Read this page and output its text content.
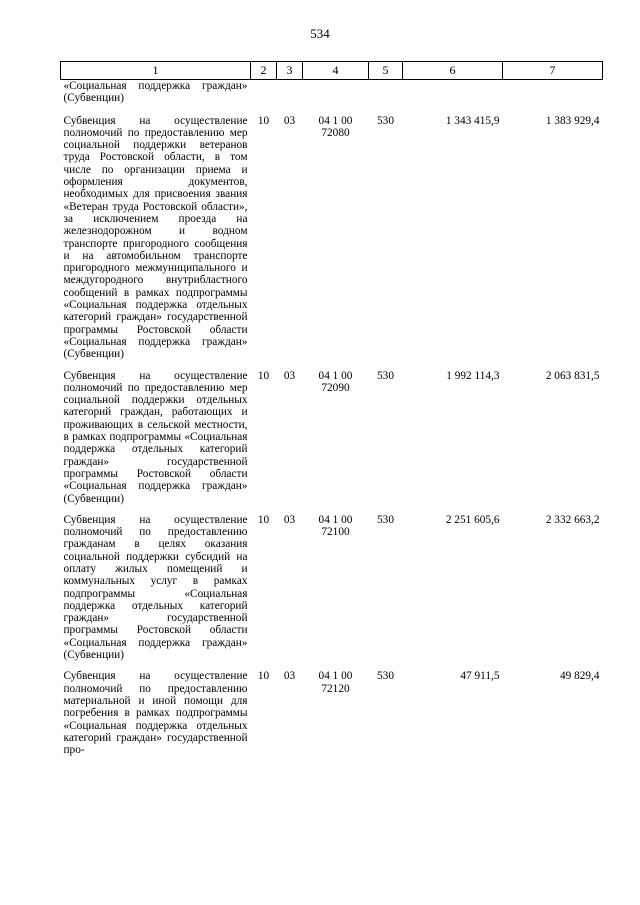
534
1	2	3	4	5	6	7
«Социальная поддержка граждан» (Субвенции)						
Субвенция на осуществление полномочий по предоставлению мер социальной поддержки ветеранов труда Ростовской области, в том числе по организации приема и оформления документов, необходимых для присвоения звания «Ветеран труда Ростовской области», за исключением проезда на железнодорожном и водном транспорте пригородного сообщения и на автомобильном транспорте пригородного межмуниципального и междугородного внутрибластного сообщений в рамках подпрограммы «Социальная поддержка отдельных категорий граждан» государственной программы Ростовской области «Социальная поддержка граждан» (Субвенции)	10	03	04 1 00 72080	530	1 343 415,9	1 383 929,4
Субвенция на осуществление полномочий по предоставлению мер социальной поддержки отдельных категорий граждан, работающих и проживающих в сельской местности, в рамках подпрограммы «Социальная поддержка отдельных категорий граждан» государственной программы Ростовской области «Социальная поддержка граждан» (Субвенции)	10	03	04 1 00 72090	530	1 992 114,3	2 063 831,5
Субвенция на осуществление полномочий по предоставлению гражданам в целях оказания социальной поддержки субсидий на оплату жилых помещений и коммунальных услуг в рамках подпрограммы «Социальная поддержка отдельных категорий граждан» государственной программы Ростовской области «Социальная поддержка граждан» (Субвенции)	10	03	04 1 00 72100	530	2 251 605,6	2 332 663,2
Субвенция на осуществление полномочий по предоставлению материальной и иной помощи для погребения в рамках подпрограммы «Социальная поддержка отдельных категорий граждан» государственной про-	10	03	04 1 00 72120	530	47 911,5	49 829,4
